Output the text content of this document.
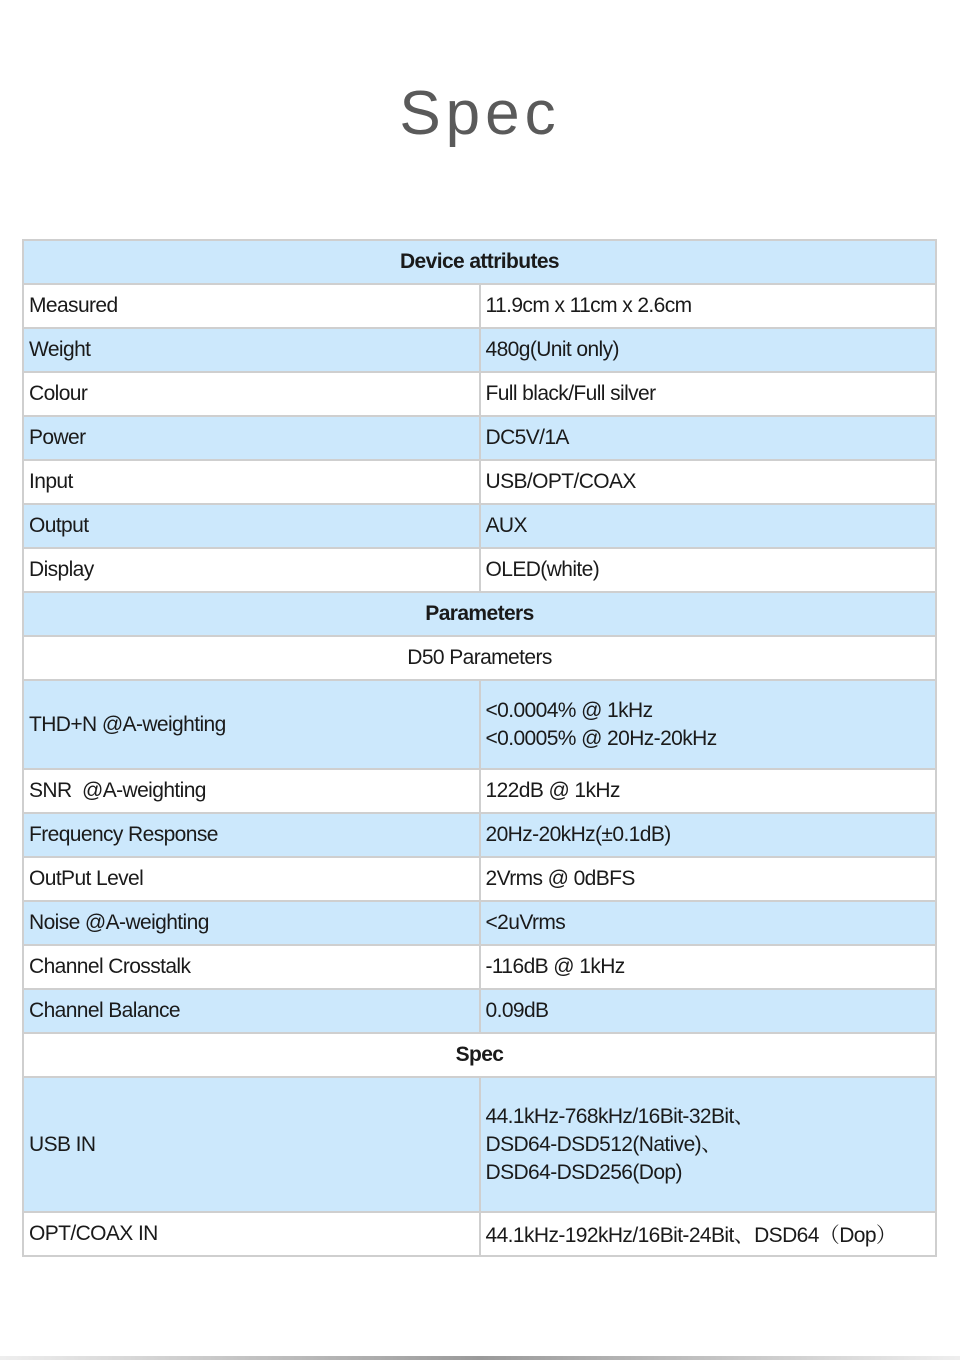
Spec
Device attributes	
Measured	11.9cm x 11cm x 2.6cm
Weight	480g(Unit only)
Colour	Full black/Full silver
Power	DC5V/1A
Input	USB/OPT/COAX
Output	AUX
Display	OLED(white)
Parameters	
D50 Parameters	
THD+N @A-weighting	<0.0004% @ 1kHz
<0.0005% @ 20Hz-20kHz

SNR  @A-weighting	122dB @ 1kHz
Frequency Response	20Hz-20kHz(±0.1dB)
OutPut Level	2Vrms @ 0dBFS
Noise @A-weighting	<2uVrms
Channel Crosstalk	-116dB @ 1kHz
Channel Balance	0.09dB
Spec	
USB IN	44.1kHz-768kHz/16Bit-32Bit、
DSD64-DSD512(Native)、
DSD64-DSD256(Dop)

OPT/COAX IN	44.1kHz-192kHz/16Bit-24Bit、DSD64（Dop）
